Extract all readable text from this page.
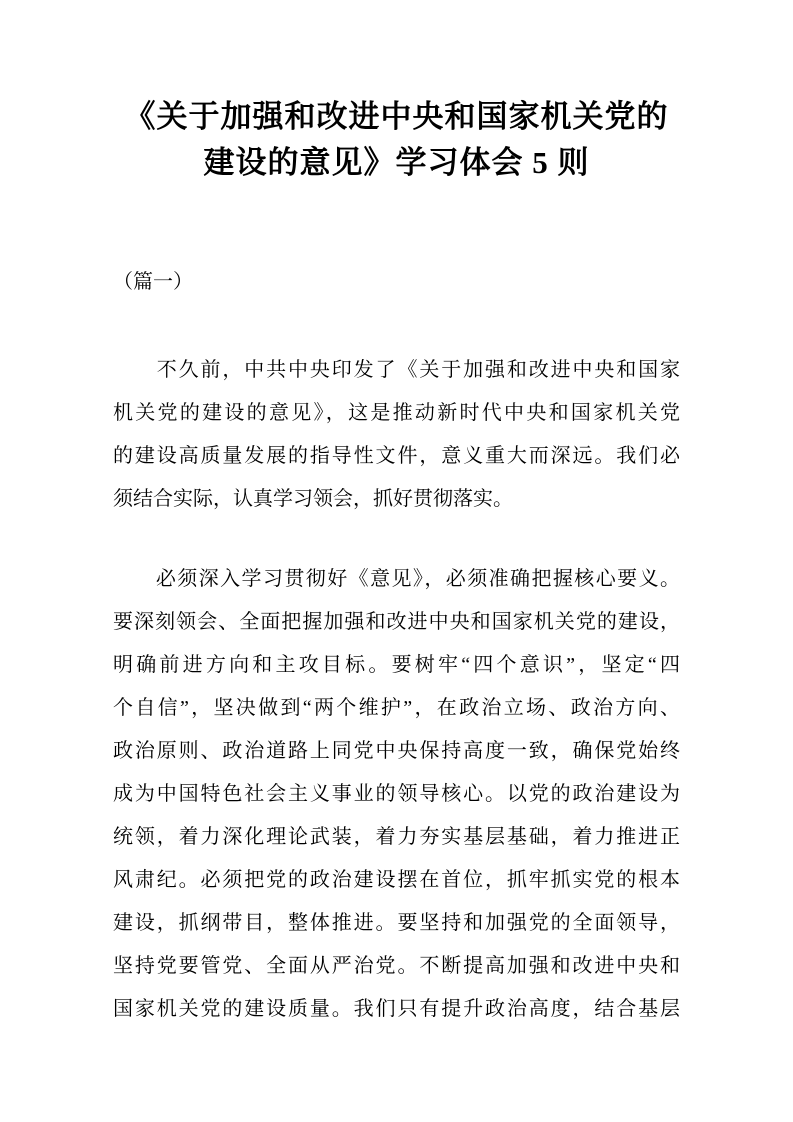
《关于加强和改进中央和国家机关党的
建设的意见》学习体会 5 则
（篇一）
　　不久前，中共中央印发了《关于加强和改进中央和国家
机关党的建设的意见》，这是推动新时代中央和国家机关党
的建设高质量发展的指导性文件，意义重大而深远。我们必
须结合实际，认真学习领会，抓好贯彻落实。
　　必须深入学习贯彻好《意见》，必须准确把握核心要义。
要深刻领会、全面把握加强和改进中央和国家机关党的建设，
明确前进方向和主攻目标。要树牢“四个意识”，坚定“四
个自信”，坚决做到“两个维护”，在政治立场、政治方向、
政治原则、政治道路上同党中央保持高度一致，确保党始终
成为中国特色社会主义事业的领导核心。以党的政治建设为
统领，着力深化理论武装，着力夯实基层基础，着力推进正
风肃纪。必须把党的政治建设摆在首位，抓牢抓实党的根本
建设，抓纲带目，整体推进。要坚持和加强党的全面领导，
坚持党要管党、全面从严治党。不断提高加强和改进中央和
国家机关党的建设质量。我们只有提升政治高度，结合基层
